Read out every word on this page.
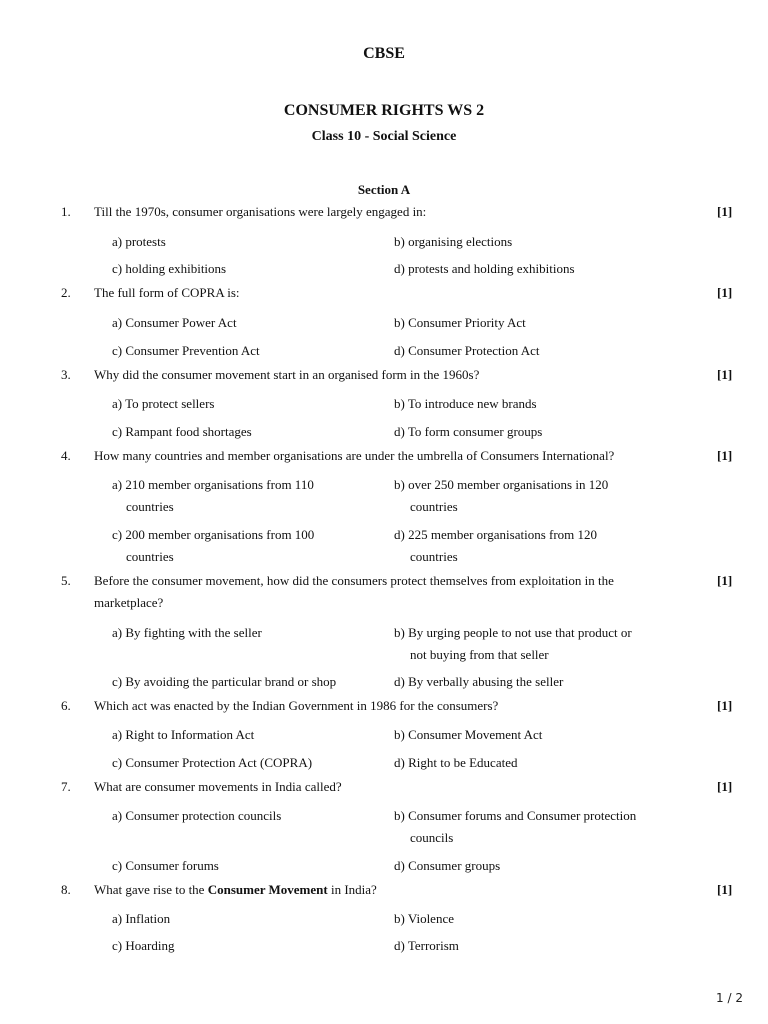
CBSE
CONSUMER RIGHTS WS 2
Class 10 - Social Science
Section A
1. Till the 1970s, consumer organisations were largely engaged in:	[1]
a) protests	b) organising elections
c) holding exhibitions	d) protests and holding exhibitions
2. The full form of COPRA is:	[1]
a) Consumer Power Act	b) Consumer Priority Act
c) Consumer Prevention Act	d) Consumer Protection Act
3. Why did the consumer movement start in an organised form in the 1960s?	[1]
a) To protect sellers	b) To introduce new brands
c) Rampant food shortages	d) To form consumer groups
4. How many countries and member organisations are under the umbrella of Consumers International?	[1]
a) 210 member organisations from 110
countries
b) over 250 member organisations in 120
countries
c) 200 member organisations from 100
countries
d) 225 member organisations from 120
countries
5. Before the consumer movement, how did the consumers protect themselves from exploitation in the
marketplace?
[1]
a) By fighting with the seller	b) By urging people to not use that product or
not buying from that seller
c) By avoiding the particular brand or shop	d) By verbally abusing the seller
6. Which act was enacted by the Indian Government in 1986 for the consumers?	[1]
a) Right to Information Act	b) Consumer Movement Act
c) Consumer Protection Act (COPRA)	d) Right to be Educated
7. What are consumer movements in India called?	[1]
a) Consumer protection councils	b) Consumer forums and Consumer protection
councils
c) Consumer forums	d) Consumer groups
8. What gave rise to the Consumer Movement in India?	[1]
a) Inflation	b) Violence
c) Hoarding	d) Terrorism
1 / 2
